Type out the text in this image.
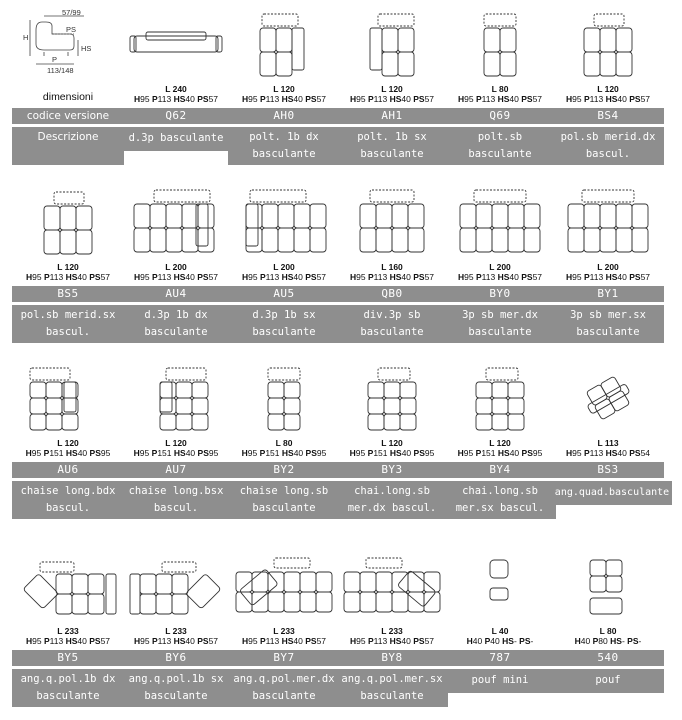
57/99
PS
H
HS
P
113/148
dimensioni
codice versione
Descrizione
L 240
H95 P113 HS40 PS57
Q62
d.3p basculante
L 120
H95 P113 HS40 PS57
AH0
polt. 1b dx
basculante
L 120
H95 P113 HS40 PS57
AH1
polt. 1b sx
basculante
L 80
H95 P113 HS40 PS57
Q69
polt.sb
basculante
L 120
H95 P113 HS40 PS57
BS4
pol.sb merid.dx
bascul.
L 120
H95 P113 HS40 PS57
BS5
pol.sb merid.sx
bascul.
L 200
H95 P113 HS40 PS57
AU4
d.3p 1b dx
basculante
L 200
H95 P113 HS40 PS57
AU5
d.3p 1b sx
basculante
L 160
H95 P113 HS40 PS57
QB0
div.3p sb
basculante
L 200
H95 P113 HS40 PS57
BY0
3p sb mer.dx
basculante
L 200
H95 P113 HS40 PS57
BY1
3p sb mer.sx
basculante
L 120
H95 P151 HS40 PS95
AU6
chaise long.bdx
bascul.
L 120
H95 P151 HS40 PS95
AU7
chaise long.bsx
bascul.
L 80
H95 P151 HS40 PS95
BY2
chaise long.sb
basculante
L 120
H95 P151 HS40 PS95
BY3
chai.long.sb
mer.dx bascul.
L 120
H95 P151 HS40 PS95
BY4
chai.long.sb
mer.sx bascul.
L 113
H95 P113 HS40 PS54
BS3
ang.quad.basculante
L 233
H95 P113 HS40 PS57
BY5
ang.q.pol.1b dx
basculante
L 233
H95 P113 HS40 PS57
BY6
ang.q.pol.1b sx
basculante
L 233
H95 P113 HS40 PS57
BY7
ang.q.pol.mer.dx
basculante
L 233
H95 P113 HS40 PS57
BY8
ang.q.pol.mer.sx
basculante
L 40
H40 P40 HS- PS-
787
pouf mini
L 80
H40 P80 HS- PS-
540
pouf
